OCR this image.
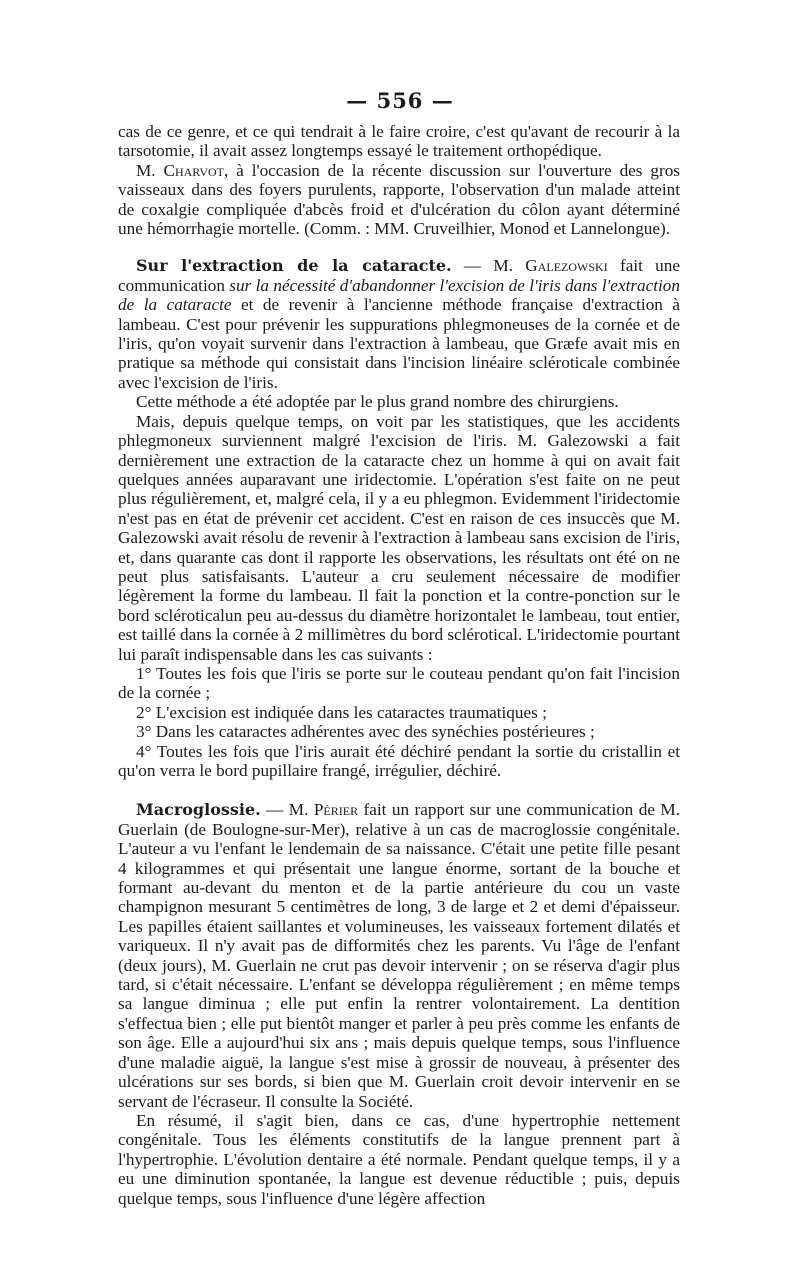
— 556 —

cas de ce genre, et ce qui tendrait à le faire croire, c'est qu'avant de recourir à la tarsotomie, il avait assez longtemps essayé le traitement orthopédique.

M. Charvot, à l'occasion de la récente discussion sur l'ouverture des gros vaisseaux dans des foyers purulents, rapporte, l'observation d'un malade atteint de coxalgie compliquée d'abcès froid et d'ulcération du côlon ayant déterminé une hémorrhagie mortelle. (Comm. : MM. Cruveilhier, Monod et Lannelongue).

Sur l'extraction de la cataracte. — M. Galezowski fait une communication sur la nécessité d'abandonner l'excision de l'iris dans l'extraction de la cataracte et de revenir à l'ancienne méthode française d'extraction à lambeau. C'est pour prévenir les suppurations phlegmoneuses de la cornée et de l'iris, qu'on voyait survenir dans l'extraction à lambeau, que Græfe avait mis en pratique sa méthode qui consistait dans l'incision linéaire scléroticale combinée avec l'excision de l'iris.

Cette méthode a été adoptée par le plus grand nombre des chirurgiens.

Mais, depuis quelque temps, on voit par les statistiques, que les accidents phlegmoneux surviennent malgré l'excision de l'iris. M. Galezowski a fait dernièrement une extraction de la cataracte chez un homme à qui on avait fait quelques années auparavant une iridectomie. L'opération s'est faite on ne peut plus régulièrement, et, malgré cela, il y a eu phlegmon. Evidemment l'iridectomie n'est pas en état de prévenir cet accident. C'est en raison de ces insuccès que M. Galezowski avait résolu de revenir à l'extraction à lambeau sans excision de l'iris, et, dans quarante cas dont il rapporte les observations, les résultats ont été on ne peut plus satisfaisants. L'auteur a cru seulement nécessaire de modifier légèrement la forme du lambeau. Il fait la ponction et la contre-ponction sur le bord scléroticalun peu au-dessus du diamètre horizontalet le lambeau, tout entier, est taillé dans la cornée à 2 millimètres du bord sclérotical. L'iridectomie pourtant lui paraît indispensable dans les cas suivants :

1° Toutes les fois que l'iris se porte sur le couteau pendant qu'on fait l'incision de la cornée ;

2° L'excision est indiquée dans les cataractes traumatiques ;

3° Dans les cataractes adhérentes avec des synéchies postérieures ;

4° Toutes les fois que l'iris aurait été déchiré pendant la sortie du cristallin et qu'on verra le bord pupillaire frangé, irrégulier, déchiré.

Macroglossie. — M. Périer fait un rapport sur une communication de M. Guerlain (de Boulogne-sur-Mer), relative à un cas de macroglossie congénitale. L'auteur a vu l'enfant le lendemain de sa naissance. C'était une petite fille pesant 4 kilogrammes et qui présentait une langue énorme, sortant de la bouche et formant au-devant du menton et de la partie antérieure du cou un vaste champignon mesurant 5 centimètres de long, 3 de large et 2 et demi d'épaisseur. Les papilles étaient saillantes et volumineuses, les vaisseaux fortement dilatés et variqueux. Il n'y avait pas de difformités chez les parents. Vu l'âge de l'enfant (deux jours), M. Guerlain ne crut pas devoir intervenir ; on se réserva d'agir plus tard, si c'était nécessaire. L'enfant se développa régulièrement ; en même temps sa langue diminua ; elle put enfin la rentrer volontairement. La dentition s'effectua bien ; elle put bientôt manger et parler à peu près comme les enfants de son âge. Elle a aujourd'hui six ans ; mais depuis quelque temps, sous l'influence d'une maladie aiguë, la langue s'est mise à grossir de nouveau, à présenter des ulcérations sur ses bords, si bien que M. Guerlain croit devoir intervenir en se servant de l'écraseur. Il consulte la Société.

En résumé, il s'agit bien, dans ce cas, d'une hypertrophie nettement congénitale. Tous les éléments constitutifs de la langue prennent part à l'hypertrophie. L'évolution dentaire a été normale. Pendant quelque temps, il y a eu une diminution spontanée, la langue est devenue réductible ; puis, depuis quelque temps, sous l'influence d'une légère affection
